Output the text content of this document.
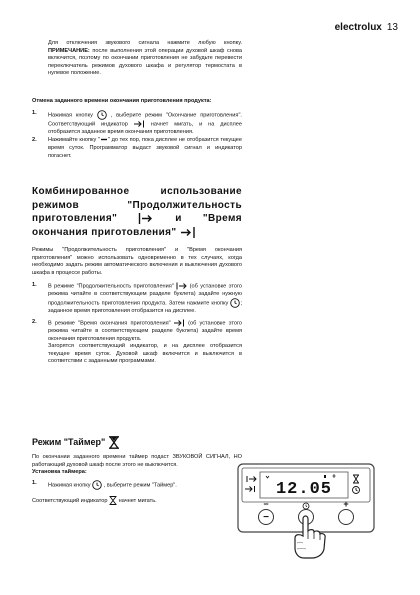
electrolux 13

Для отключения звукового сигнала нажмите любую кнопку. ПРИМЕЧАНИЕ: после выполнения этой операции духовой шкаф снова включится, поэтому по окончании приготовления не забудьте перевести переключатель режимов духового шкафа и регулятор термостата в нулевое положение.

Отмена заданного времени окончания приготовления продукта:

1.	Нажимая кнопку	, выберите режим "Окончание приготовления". Соответствующий индикатор	начнет мигать, и на дисплее отобразится заданное время окончания приготовления.
2.	Нажимайте кнопку " " до тех пор, пока дисплее не отобразится текущее время суток. Программатор выдаст звуковой сигнал и индикатор погаснет.

Комбинированное использование режимов "Продолжительность приготовления"	и "Время окончания приготовления"

Режимы "Продолжительность приготовления" и "Время окончания приготовления" можно использовать одновременно в тех случаях, когда необходимо задать режим автоматического включения и выключения духового шкафа в процессе работы.

1.	В режиме "Продолжительность приготовления"	(об установке этого режима читайте в соответствующем разделе буклета) задайте нужную продолжительность приготовления продукта. Затем нажмите кнопку ; заданное время приготовления отобразится на дисплее.
2.	В режиме "Время окончания приготовления"	(об установке этого режима читайте в соответствующем разделе буклета) задайте время окончания приготовления продукта.
Загорятся соответствующий индикатор, и на дисплее отобразится текущее время суток. Духовой шкаф включится и выключится в соответствии с заданными программами.

Режим "Таймер"

По окончании заданного времени таймер подаст ЗВУКОВОЙ СИГНАЛ, НО работающий духовой шкаф после этого не выключится.

Установка таймера:

1.	Нажимая кнопку , выберите режим "Таймер".

Соответствующий индикатор начнет мигать.

12.05
−
−	+
